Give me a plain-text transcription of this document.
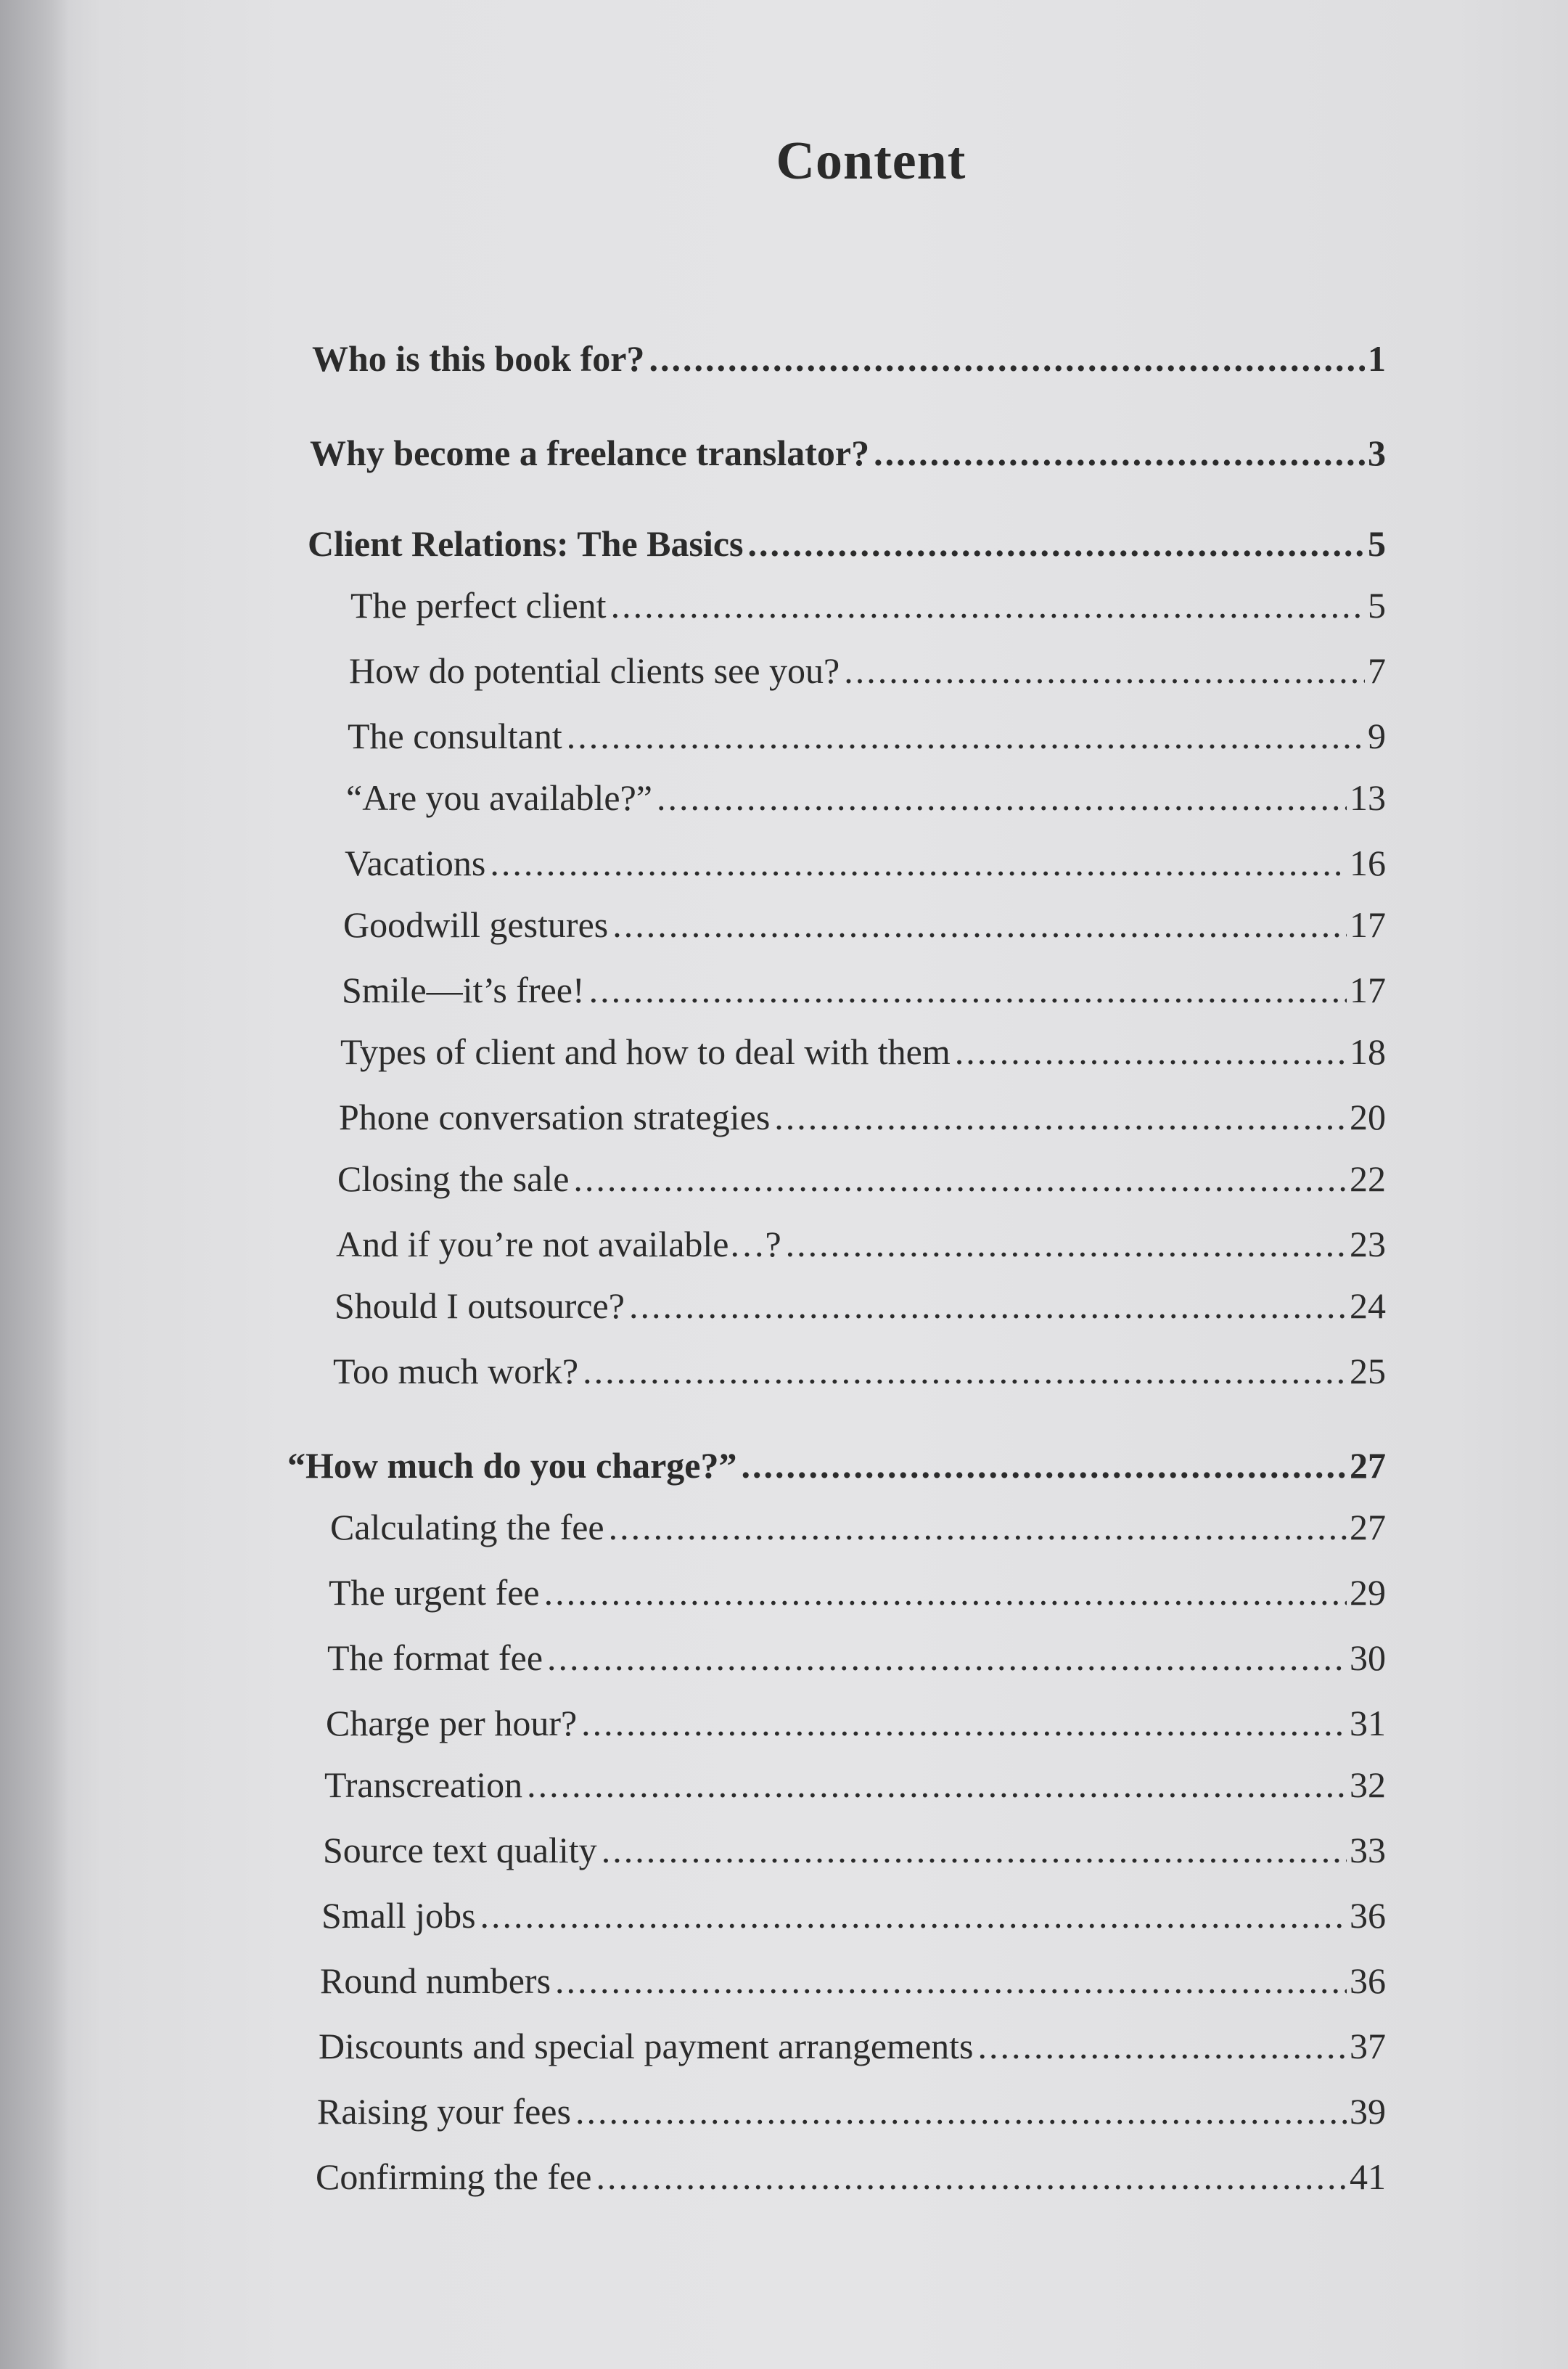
Content
Who is this book for? .....	1
Why become a freelance translator? .....	3
Client Relations: The Basics .....	5
The perfect client .....	5
How do potential clients see you? .....	7
The consultant .....	9
“Are you available?” .....	13
Vacations .....	16
Goodwill gestures .....	17
Smile—it’s free! .....	17
Types of client and how to deal with them .....	18
Phone conversation strategies .....	20
Closing the sale .....	22
And if you’re not available…? .....	23
Should I outsource? .....	24
Too much work? .....	25
“How much do you charge?” .....	27
Calculating the fee .....	27
The urgent fee .....	29
The format fee .....	30
Charge per hour? .....	31
Transcreation .....	32
Source text quality .....	33
Small jobs .....	36
Round numbers .....	36
Discounts and special payment arrangements .....	37
Raising your fees .....	39
Confirming the fee .....	41
